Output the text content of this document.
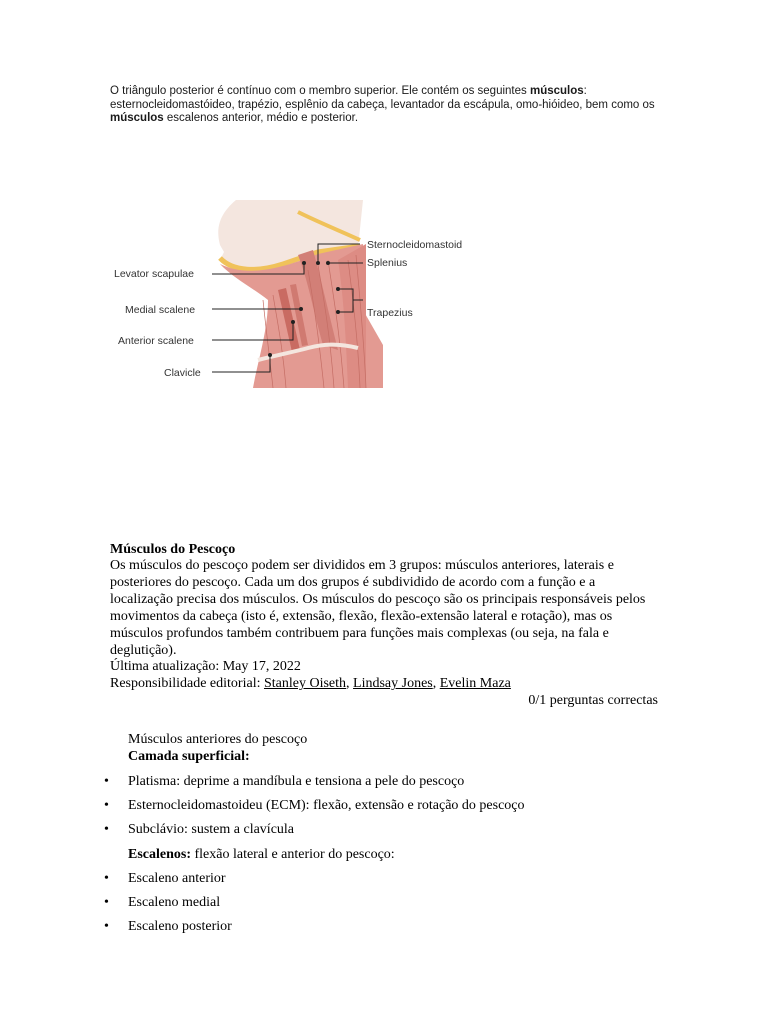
O triângulo posterior é contínuo com o membro superior. Ele contém os seguintes músculos: esternocleidomastóideo, trapézio, esplênio da cabeça, levantador da escápula, omo-hióideo, bem como os músculos escalenos anterior, médio e posterior.
Levator scapulae
Medial scalene
Anterior scalene
Clavicle
Sternocleidomastoid
Splenius
Trapezius
Músculos do Pescoço

Os músculos do pescoço podem ser divididos em 3 grupos: músculos anteriores, laterais e posteriores do pescoço. Cada um dos grupos é subdividido de acordo com a função e a localização precisa dos músculos. Os músculos do pescoço são os principais responsáveis pelos movimentos da cabeça (isto é, extensão, flexão, flexão-extensão lateral e rotação), mas os músculos profundos também contribuem para funções mais complexas (ou seja, na fala e deglutição).

Última atualização: May 17, 2022

Responsibilidade editorial: Stanley Oiseth, Lindsay Jones, Evelin Maza

0/1 perguntas correctas
Músculos anteriores do pescoço
Camada superficial:
• Platisma: deprime a mandíbula e tensiona a pele do pescoço
• Esternocleidomastoideu (ECM): flexão, extensão e rotação do pescoço
• Subclávio: sustem a clavícula
Escalenos: flexão lateral e anterior do pescoço:
• Escaleno anterior
• Escaleno medial
• Escaleno posterior
